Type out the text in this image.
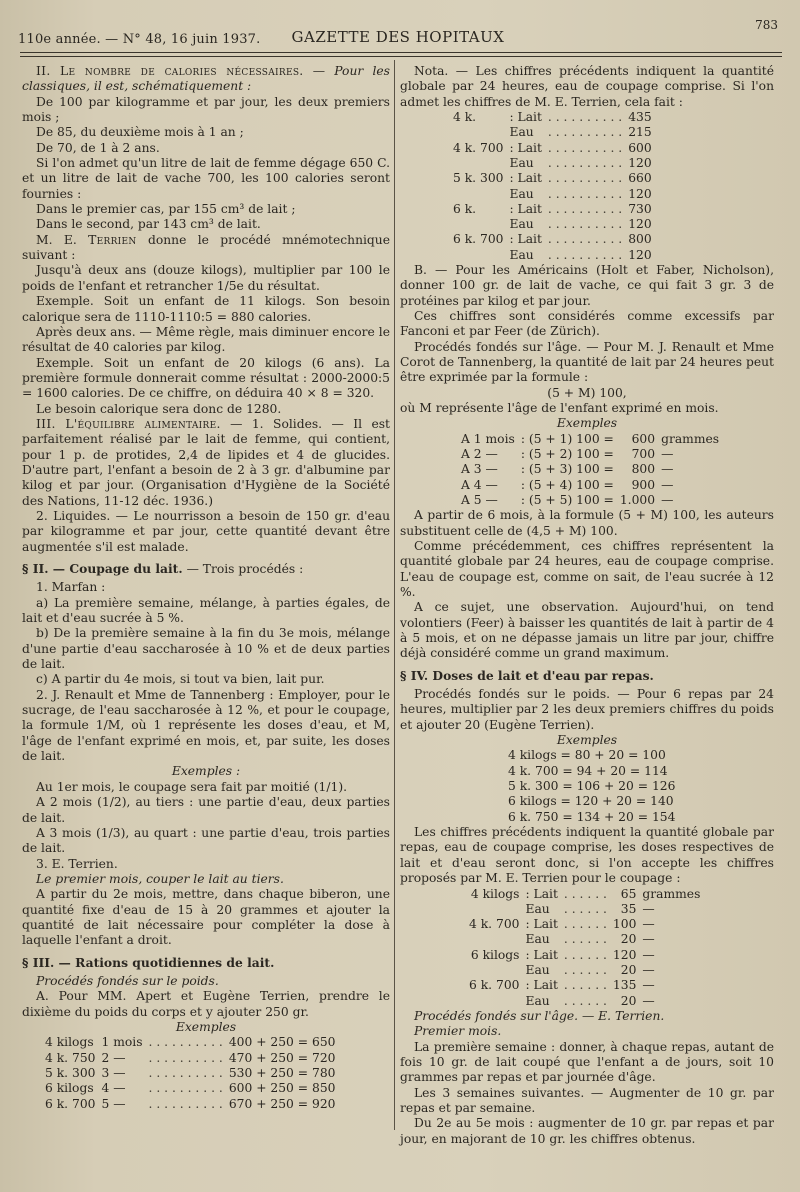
110e année. — N° 48, 16 juin 1937.	GAZETTE DES HOPITAUX
783

II. Le nombre de calories nécessaires. — Pour les classiques, il est, schématiquement :

De 100 par kilogramme et par jour, les deux premiers mois ;

De 85, du deuxième mois à 1 an ;

De 70, de 1 à 2 ans.

Si l'on admet qu'un litre de lait de femme dégage 650 C. et un litre de lait de vache 700, les 100 calories seront fournies :

Dans le premier cas, par 155 cm³ de lait ;

Dans le second, par 143 cm³ de lait.

M. E. Terrien donne le procédé mnémotechnique suivant :

Jusqu'à deux ans (douze kilogs), multiplier par 100 le poids de l'enfant et retrancher 1/5e du résultat.

Exemple. Soit un enfant de 11 kilogs. Son besoin calorique sera de 1110-1110:5 = 880 calories.

Après deux ans. — Même règle, mais diminuer encore le résultat de 40 calories par kilog.

Exemple. Soit un enfant de 20 kilogs (6 ans). La première formule donnerait comme résultat : 2000-2000:5 = 1600 calories. De ce chiffre, on déduira 40 × 8 = 320.

Le besoin calorique sera donc de 1280.

III. L'équilibre alimentaire. — 1. Solides. — Il est parfaitement réalisé par le lait de femme, qui contient, pour 1 p. de protides, 2,4 de lipides et 4 de glucides. D'autre part, l'enfant a besoin de 2 à 3 gr. d'albumine par kilog et par jour. (Organisation d'Hygiène de la Société des Nations, 11-12 déc. 1936.)

2. Liquides. — Le nourrisson a besoin de 150 gr. d'eau par kilogramme et par jour, cette quantité devant être augmentée s'il est malade.

§ II. — Coupage du lait. — Trois procédés :

1. Marfan :

a) La première semaine, mélange, à parties égales, de lait et d'eau sucrée à 5 %.

b) De la première semaine à la fin du 3e mois, mélange d'une partie d'eau saccharosée à 10 % et de deux parties de lait.

c) A partir du 4e mois, si tout va bien, lait pur.

2. J. Renault et Mme de Tannenberg : Employer, pour le sucrage, de l'eau saccharosée à 12 %, et pour le coupage, la formule 1/M, où 1 représente les doses d'eau, et M, l'âge de l'enfant exprimé en mois, et, par suite, les doses de lait.

Exemples :

Au 1er mois, le coupage sera fait par moitié (1/1).

A 2 mois (1/2), au tiers : une partie d'eau, deux parties de lait.

A 3 mois (1/3), au quart : une partie d'eau, trois parties de lait.

3. E. Terrien.

Le premier mois, couper le lait au tiers.

A partir du 2e mois, mettre, dans chaque biberon, une quantité fixe d'eau de 15 à 20 grammes et ajouter la quantité de lait nécessaire pour compléter la dose à laquelle l'enfant a droit.

§ III. — Rations quotidiennes de lait.

Procédés fondés sur le poids.

A. Pour MM. Apert et Eugène Terrien, prendre le dixième du poids du corps et y ajouter 250 gr.

Exemples

4 kilogs	1 mois	. . . . . . . . . .	400 + 250 = 650
4 k. 750	2 —	. . . . . . . . . .	470 + 250 = 720
5 k. 300	3 —	. . . . . . . . . .	530 + 250 = 780
6 kilogs	4 —	. . . . . . . . . .	600 + 250 = 850
6 k. 700	5 —	. . . . . . . . . .	670 + 250 = 920

Nota. — Les chiffres précédents indiquent la quantité globale par 24 heures, eau de coupage comprise. Si l'on admet les chiffres de M. E. Terrien, cela fait :

4 k.	: Lait	. . . . . . . . . .	435
	Eau	. . . . . . . . . .	215
4 k. 700	: Lait	. . . . . . . . . .	600
	Eau	. . . . . . . . . .	120
5 k. 300	: Lait	. . . . . . . . . .	660
	Eau	. . . . . . . . . .	120
6 k.	: Lait	. . . . . . . . . .	730
	Eau	. . . . . . . . . .	120
6 k. 700	: Lait	. . . . . . . . . .	800
	Eau	. . . . . . . . . .	120

B. — Pour les Américains (Holt et Faber, Nicholson), donner 100 gr. de lait de vache, ce qui fait 3 gr. 3 de protéines par kilog et par jour.

Ces chiffres sont considérés comme excessifs par Fanconi et par Feer (de Zürich).

Procédés fondés sur l'âge. — Pour M. J. Renault et Mme Corot de Tannenberg, la quantité de lait par 24 heures peut être exprimée par la formule :

(5 + M) 100,

où M représente l'âge de l'enfant exprimé en mois.

Exemples

A 1 mois	: (5 + 1) 100 =	600	grammes
A 2 —	: (5 + 2) 100 =	700	—
A 3 —	: (5 + 3) 100 =	800	—
A 4 —	: (5 + 4) 100 =	900	—
A 5 —	: (5 + 5) 100 =	1.000	—

A partir de 6 mois, à la formule (5 + M) 100, les auteurs substituent celle de (4,5 + M) 100.

Comme précédemment, ces chiffres représentent la quantité globale par 24 heures, eau de coupage comprise. L'eau de coupage est, comme on sait, de l'eau sucrée à 12 %.

A ce sujet, une observation. Aujourd'hui, on tend volontiers (Feer) à baisser les quantités de lait à partir de 4 à 5 mois, et on ne dépasse jamais un litre par jour, chiffre déjà considéré comme un grand maximum.

§ IV. Doses de lait et d'eau par repas.

Procédés fondés sur le poids. — Pour 6 repas par 24 heures, multiplier par 2 les deux premiers chiffres du poids et ajouter 20 (Eugène Terrien).

Exemples

4 kilogs = 80 + 20 = 100
4 k. 700 = 94 + 20 = 114
5 k. 300 = 106 + 20 = 126
6 kilogs = 120 + 20 = 140
6 k. 750 = 134 + 20 = 154

Les chiffres précédents indiquent la quantité globale par repas, eau de coupage comprise, les doses respectives de lait et d'eau seront donc, si l'on accepte les chiffres proposés par M. E. Terrien pour le coupage :

4 kilogs	: Lait	. . . . . .	65	grammes
	Eau	. . . . . .	35	—
4 k. 700	: Lait	. . . . . .	100	—
	Eau	. . . . . .	20	—
6 kilogs	: Lait	. . . . . .	120	—
	Eau	. . . . . .	20	—
6 k. 700	: Lait	. . . . . .	135	—
	Eau	. . . . . .	20	—

Procédés fondés sur l'âge. — E. Terrien.

Premier mois.

La première semaine : donner, à chaque repas, autant de fois 10 gr. de lait coupé que l'enfant a de jours, soit 10 grammes par repas et par journée d'âge.

Les 3 semaines suivantes. — Augmenter de 10 gr. par repas et par semaine.

Du 2e au 5e mois : augmenter de 10 gr. par repas et par jour, en majorant de 10 gr. les chiffres obtenus.
